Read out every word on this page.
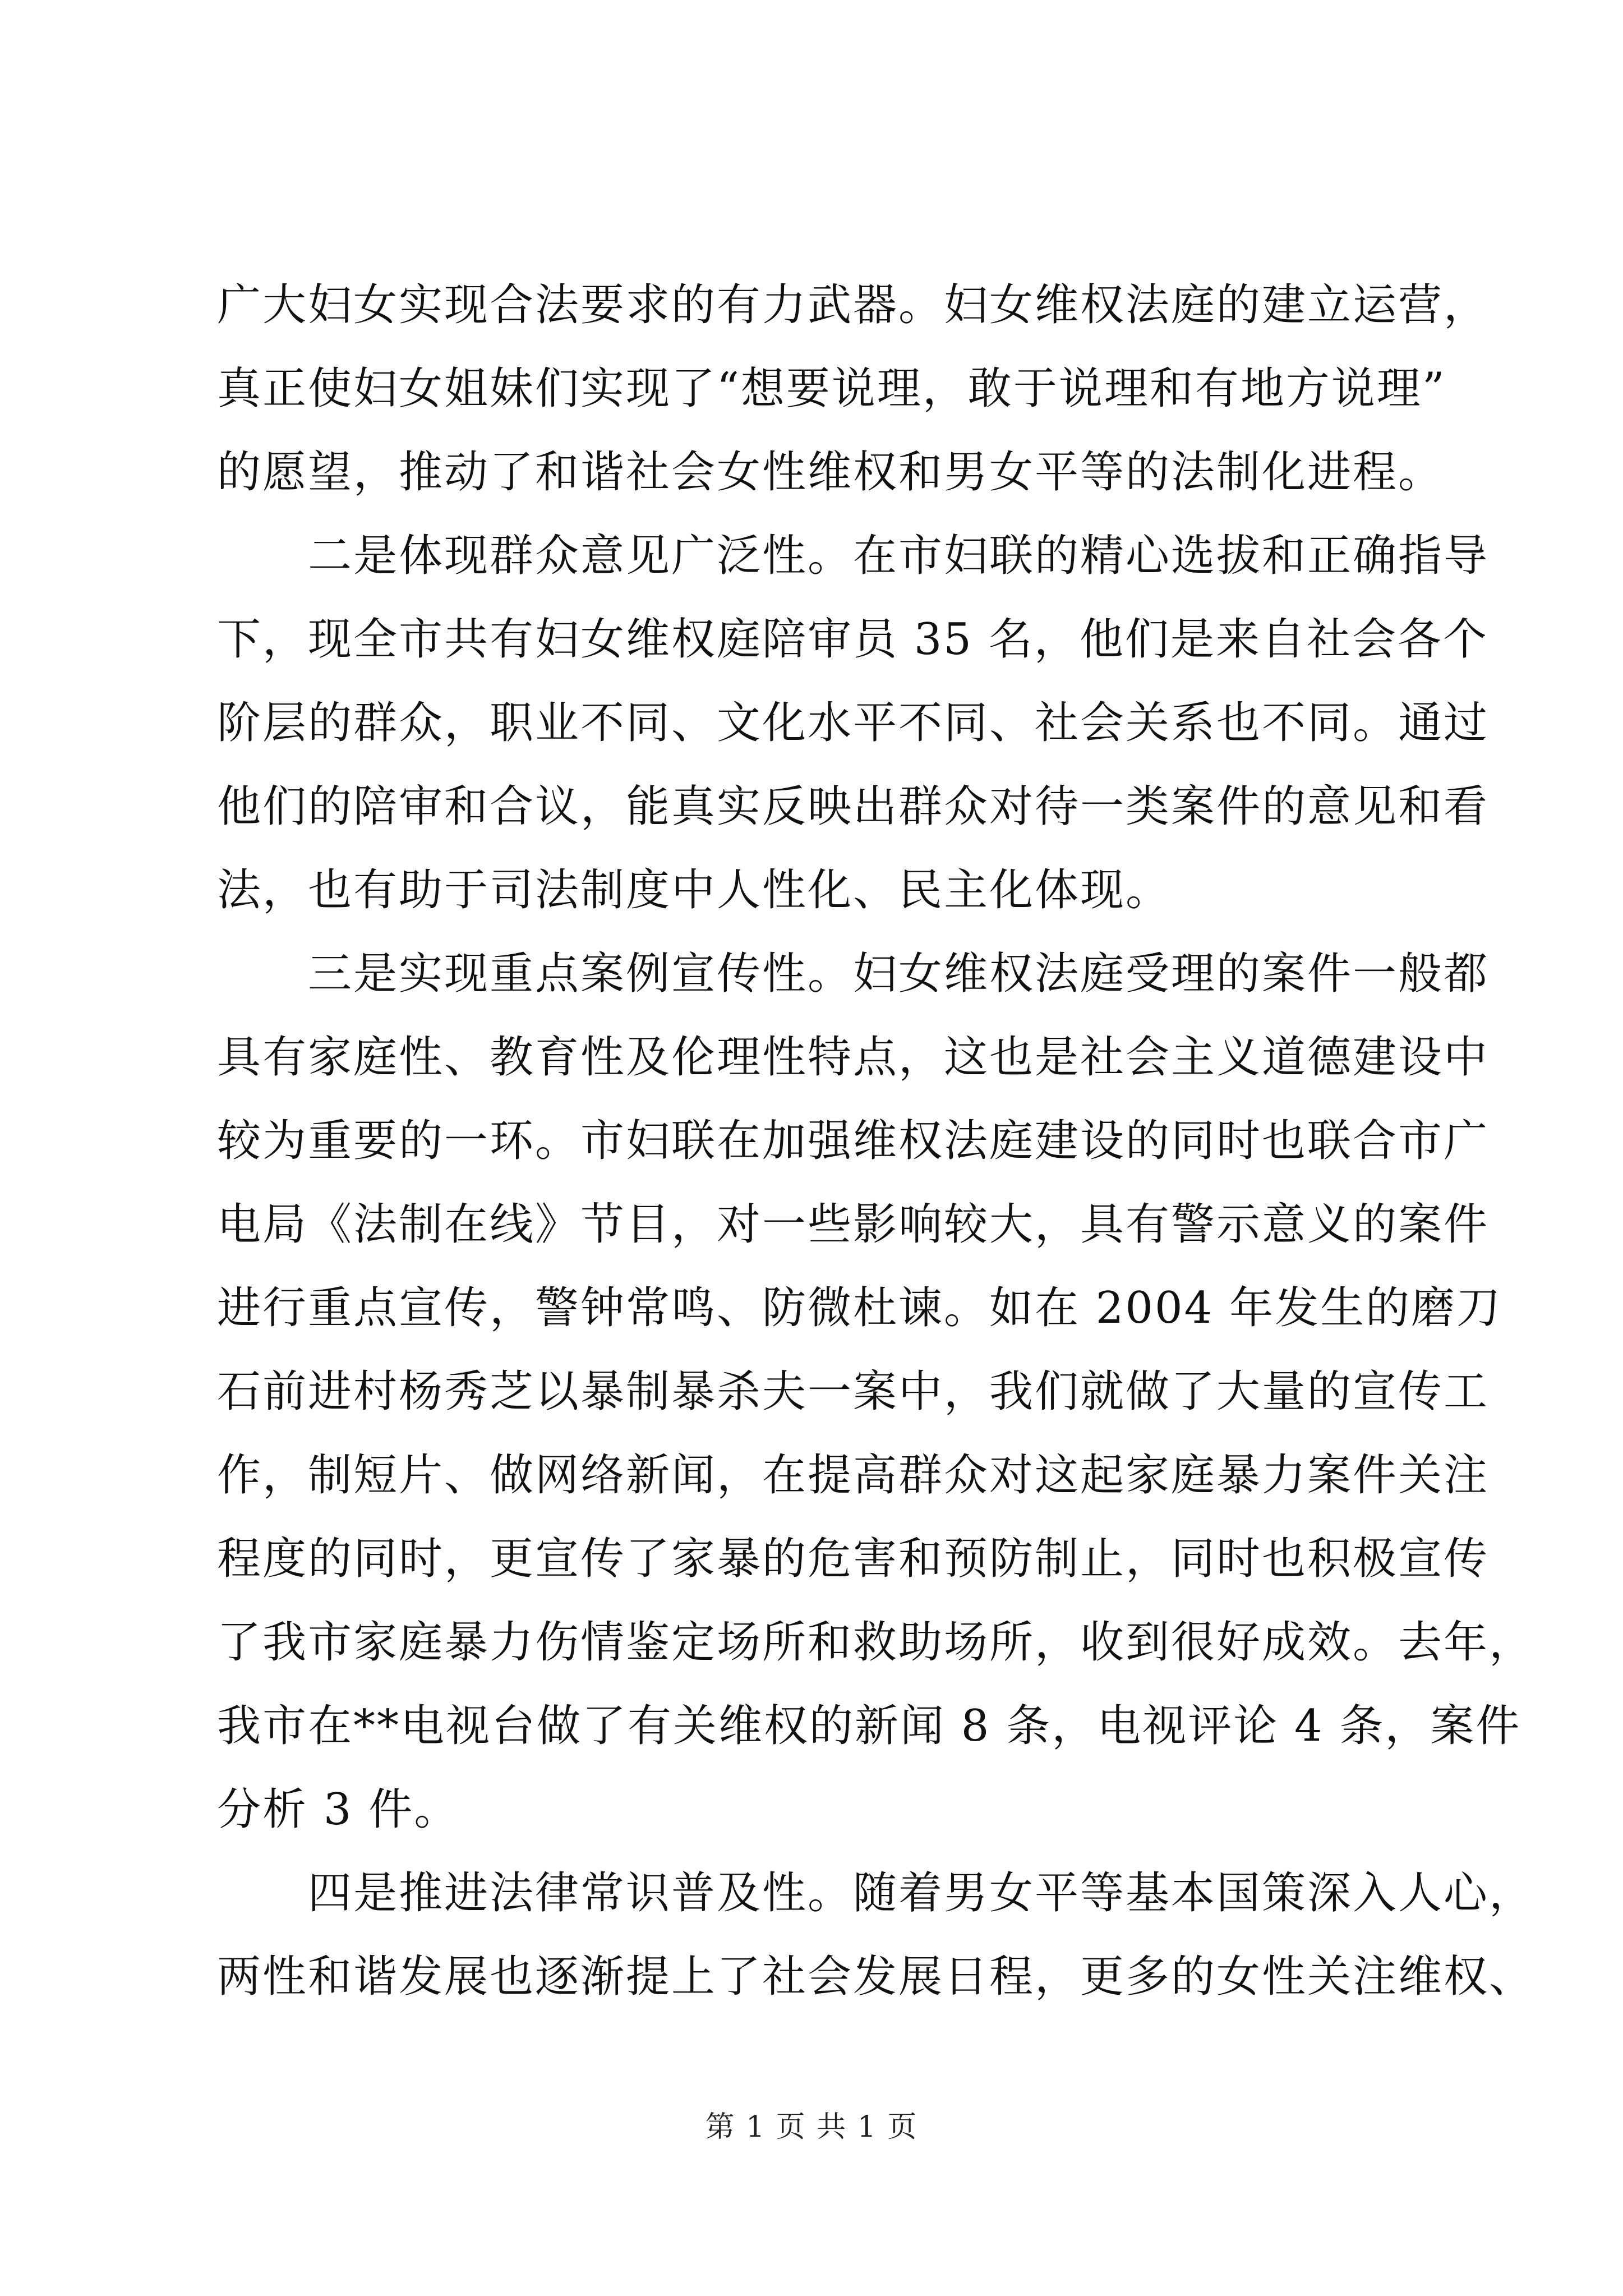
广大妇女实现合法要求的有力武器。妇女维权法庭的建立运营，
真正使妇女姐妹们实现了“想要说理，敢于说理和有地方说理”
的愿望，推动了和谐社会女性维权和男女平等的法制化进程。
　　二是体现群众意见广泛性。在市妇联的精心选拔和正确指导
下，现全市共有妇女维权庭陪审员 35 名，他们是来自社会各个
阶层的群众，职业不同、文化水平不同、社会关系也不同。通过
他们的陪审和合议，能真实反映出群众对待一类案件的意见和看
法，也有助于司法制度中人性化、民主化体现。
　　三是实现重点案例宣传性。妇女维权法庭受理的案件一般都
具有家庭性、教育性及伦理性特点，这也是社会主义道德建设中
较为重要的一环。市妇联在加强维权法庭建设的同时也联合市广
电局《法制在线》节目，对一些影响较大，具有警示意义的案件
进行重点宣传，警钟常鸣、防微杜谏。如在 2004 年发生的磨刀
石前进村杨秀芝以暴制暴杀夫一案中，我们就做了大量的宣传工
作，制短片、做网络新闻，在提高群众对这起家庭暴力案件关注
程度的同时，更宣传了家暴的危害和预防制止，同时也积极宣传
了我市家庭暴力伤情鉴定场所和救助场所，收到很好成效。去年，
我市在**电视台做了有关维权的新闻 8 条，电视评论 4 条，案件
分析 3 件。
　　四是推进法律常识普及性。随着男女平等基本国策深入人心，
两性和谐发展也逐渐提上了社会发展日程，更多的女性关注维权、
第 1 页 共 1 页
